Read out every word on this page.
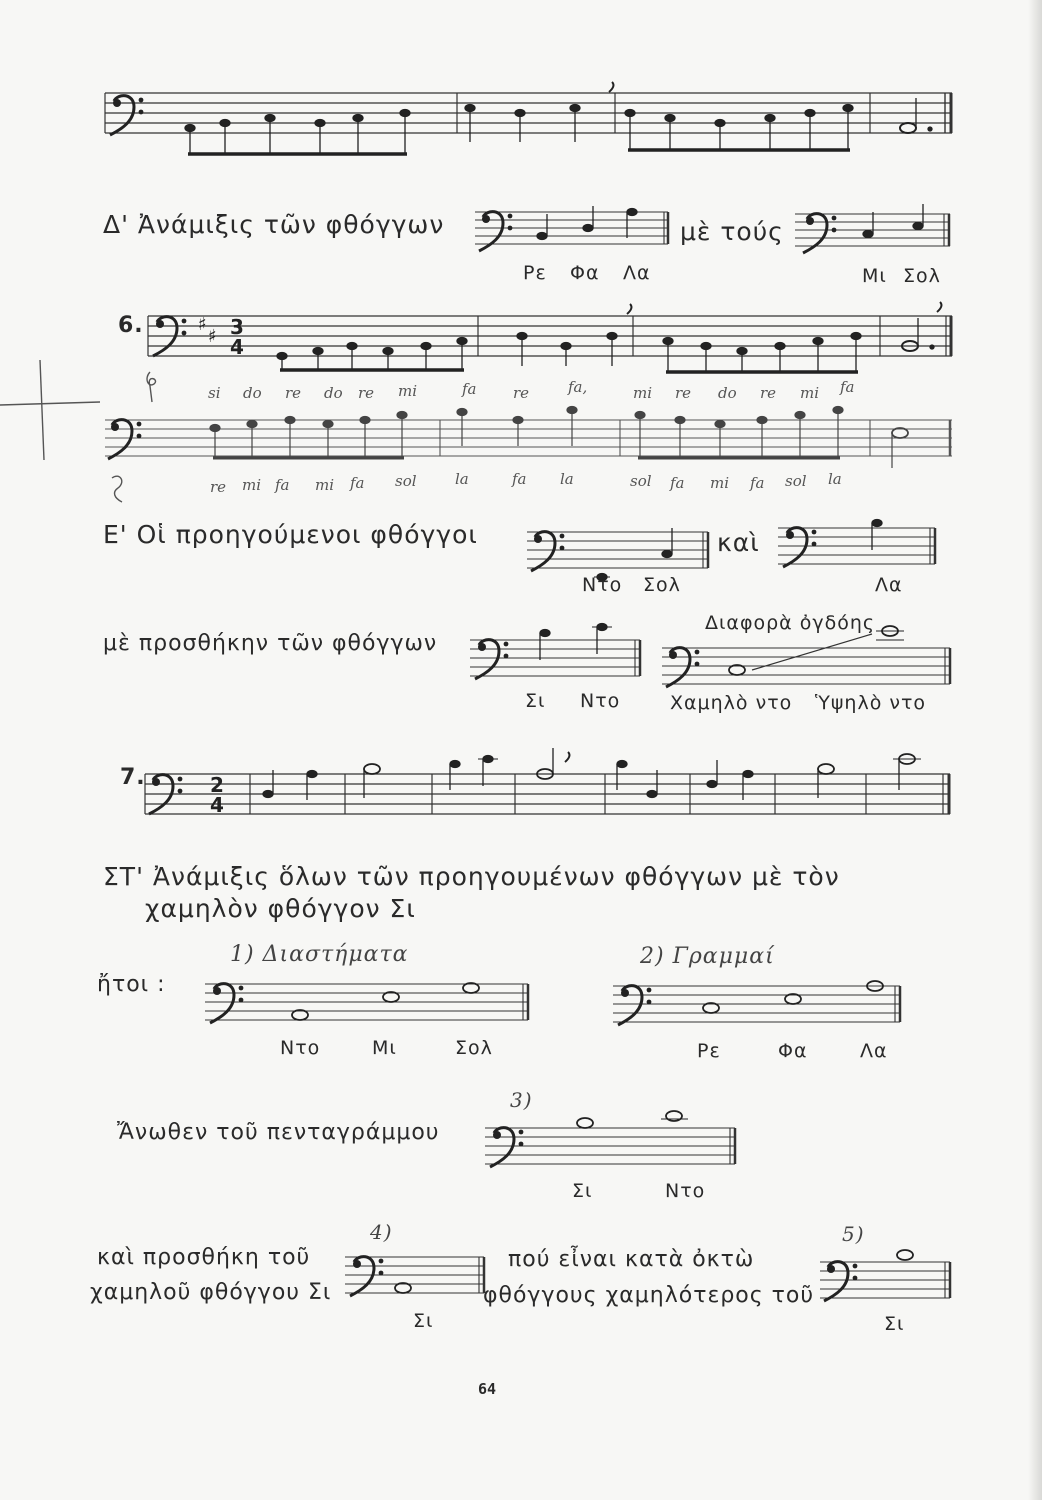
♯
♯ 3
4
2
4
Δ' Ἀνάμιξις τῶν φθόγγων	μὲ τούς
Ρε Φα Λα	Μι Σολ
6.
si do re do re mi	fa re	fa,	mi re do re mi fa
re mi fa mi fa sol	la	fa la	sol fa mi fa sol la
Ε' Οἱ προηγούμενοι φθόγγοι	καὶ
Ντο Σολ	Λα
μὲ προσθήκην τῶν φθόγγων
Σι Ντο
Διαφορὰ ὀγδόης
Χαμηλὸ ντο Ὑψηλὸ ντο
7.
ΣΤ' Ἀνάμιξις ὅλων τῶν προηγουμένων φθόγγων μὲ τὸν
χαμηλὸν φθόγγον Σι
1) Διαστήματα	2) Γραμμαί
ἤτοι :
Ντο	Μι	Σολ	Ρε	Φα	Λα
Ἄνωθεν τοῦ πενταγράμμου
3)
Σι	Ντο
καὶ προσθήκη τοῦ
χαμηλοῦ φθόγγου Σι
4)
Σι
πού εἶναι κατὰ ὀκτὼ
φθόγγους χαμηλότερος τοῦ
5)
Σι
64
